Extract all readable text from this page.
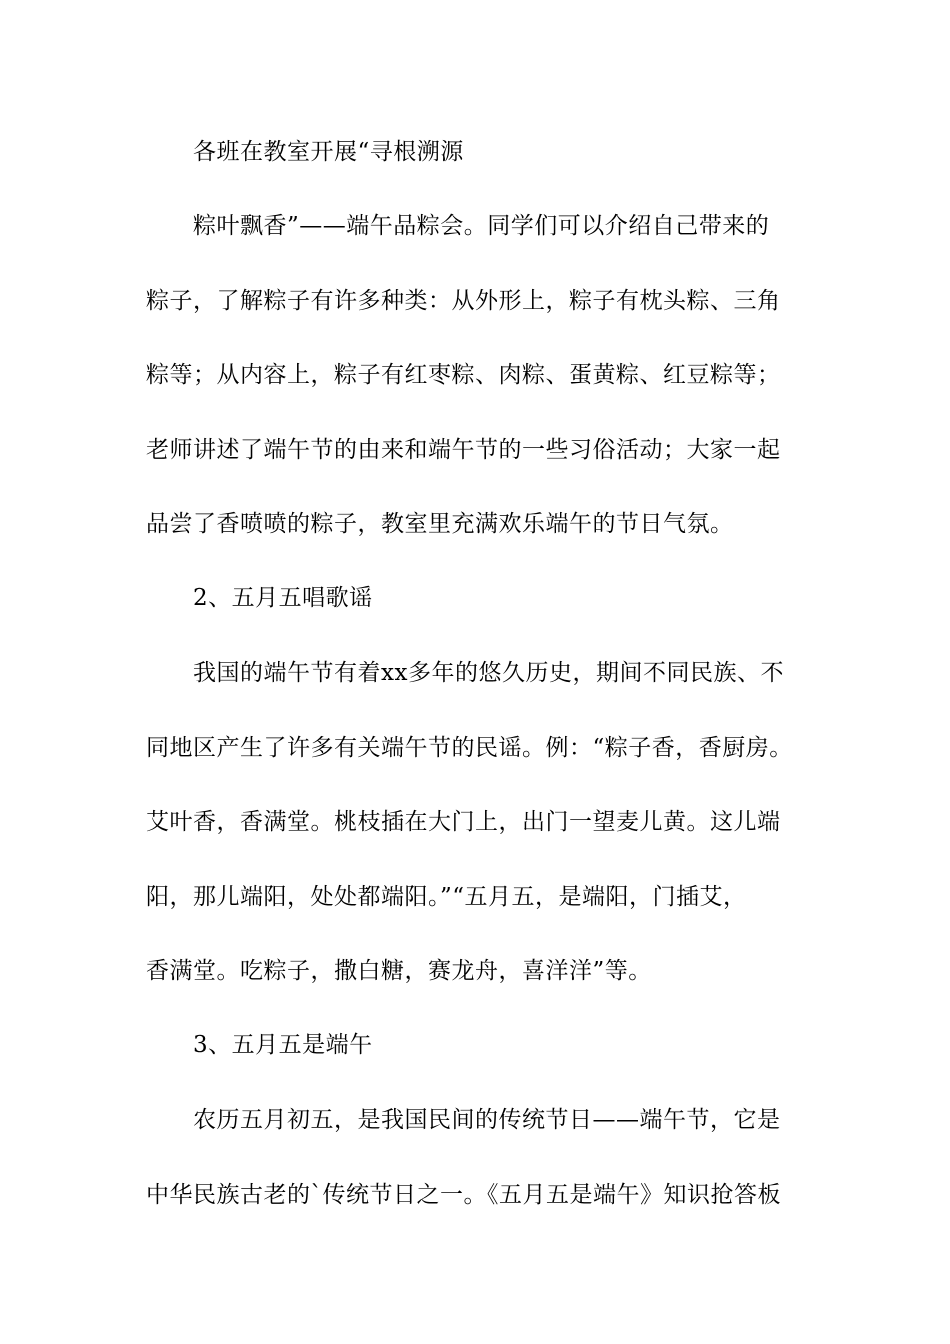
各班在教室开展“寻根溯源
粽叶飘香”——端午品粽会。同学们可以介绍自己带来的
粽子，了解粽子有许多种类：从外形上，粽子有枕头粽、三角
粽等；从内容上，粽子有红枣粽、肉粽、蛋黄粽、红豆粽等；
老师讲述了端午节的由来和端午节的一些习俗活动；大家一起
品尝了香喷喷的粽子，教室里充满欢乐端午的节日气氛。
2、五月五唱歌谣
我国的端午节有着xx多年的悠久历史，期间不同民族、不
同地区产生了许多有关端午节的民谣。例：“粽子香，香厨房。
艾叶香，香满堂。桃枝插在大门上，出门一望麦儿黄。这儿端
阳，那儿端阳，处处都端阳。”“五月五，是端阳，门插艾，
香满堂。吃粽子，撒白糖，赛龙舟，喜洋洋”等。
3、五月五是端午
农历五月初五，是我国民间的传统节日——端午节，它是
中华民族古老的`传统节日之一。《五月五是端午》知识抢答板
